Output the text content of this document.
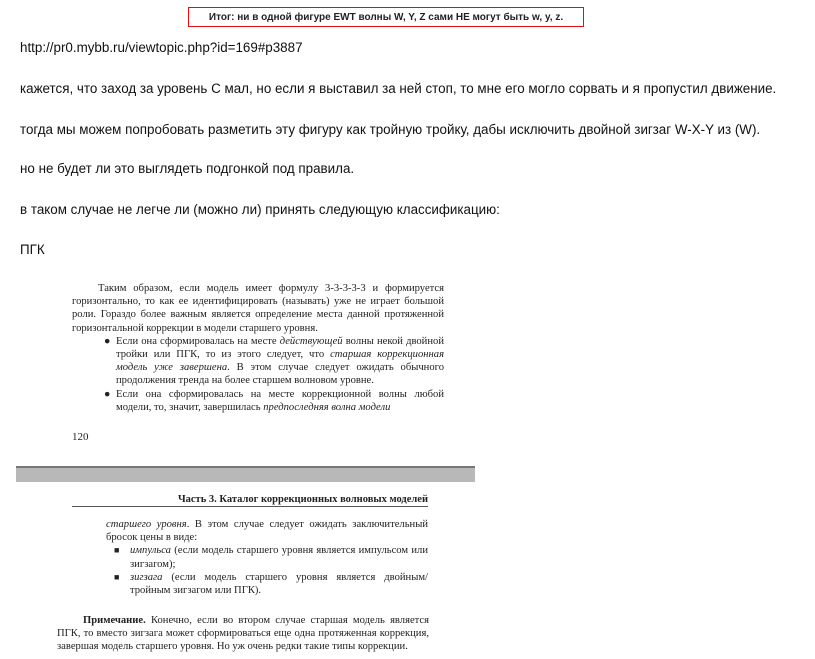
Итог: ни в одной фигуре EWT волны W, Y, Z сами НЕ могут быть w, y, z.
http://pr0.mybb.ru/viewtopic.php?id=169#p3887
кажется, что заход за уровень С мал, но если я выставил за ней стоп, то мне его могло сорвать и я пропустил движение.
тогда мы можем попробовать разметить эту фигуру как тройную тройку, дабы исключить двойной зигзаг W-X-Y из (W).
но не будет ли это выглядеть подгонкой под правила.
в таком случае не легче ли (можно ли) принять следующую классификацию:
ПГК

Таким образом, если модель имеет формулу 3-3-3-3-3 и формируется горизонтально, то как ее идентифицировать (называть) уже не играет большой роли. Гораздо более важным является определение места данной протяженной горизонтальной коррекции в модели старшего уровня.

● Если она сформировалась на месте действующей волны некой двойной тройки или ПГК, то из этого следует, что старшая коррекционная модель уже завершена. В этом случае следует ожидать обычного продолжения тренда на более старшем волновом уровне.
● Если она сформировалась на месте коррекционной волны любой модели, то, значит, завершилась предпоследняя волна модели
120
Часть 3. Каталог коррекционных волновых моделей

старшего уровня. В этом случае следует ожидать заключительный бросок цены в виде:

■ импульса (если модель старшего уровня является импульсом или зигзагом);
■ зигзага (если модель старшего уровня является двойным/тройным зигзагом или ПГК).

Примечание. Конечно, если во втором случае старшая модель является ПГК, то вместо зигзага может сформироваться еще одна протяженная коррекция, завершая модель старшего уровня. Но уж очень редки такие типы коррекции.
